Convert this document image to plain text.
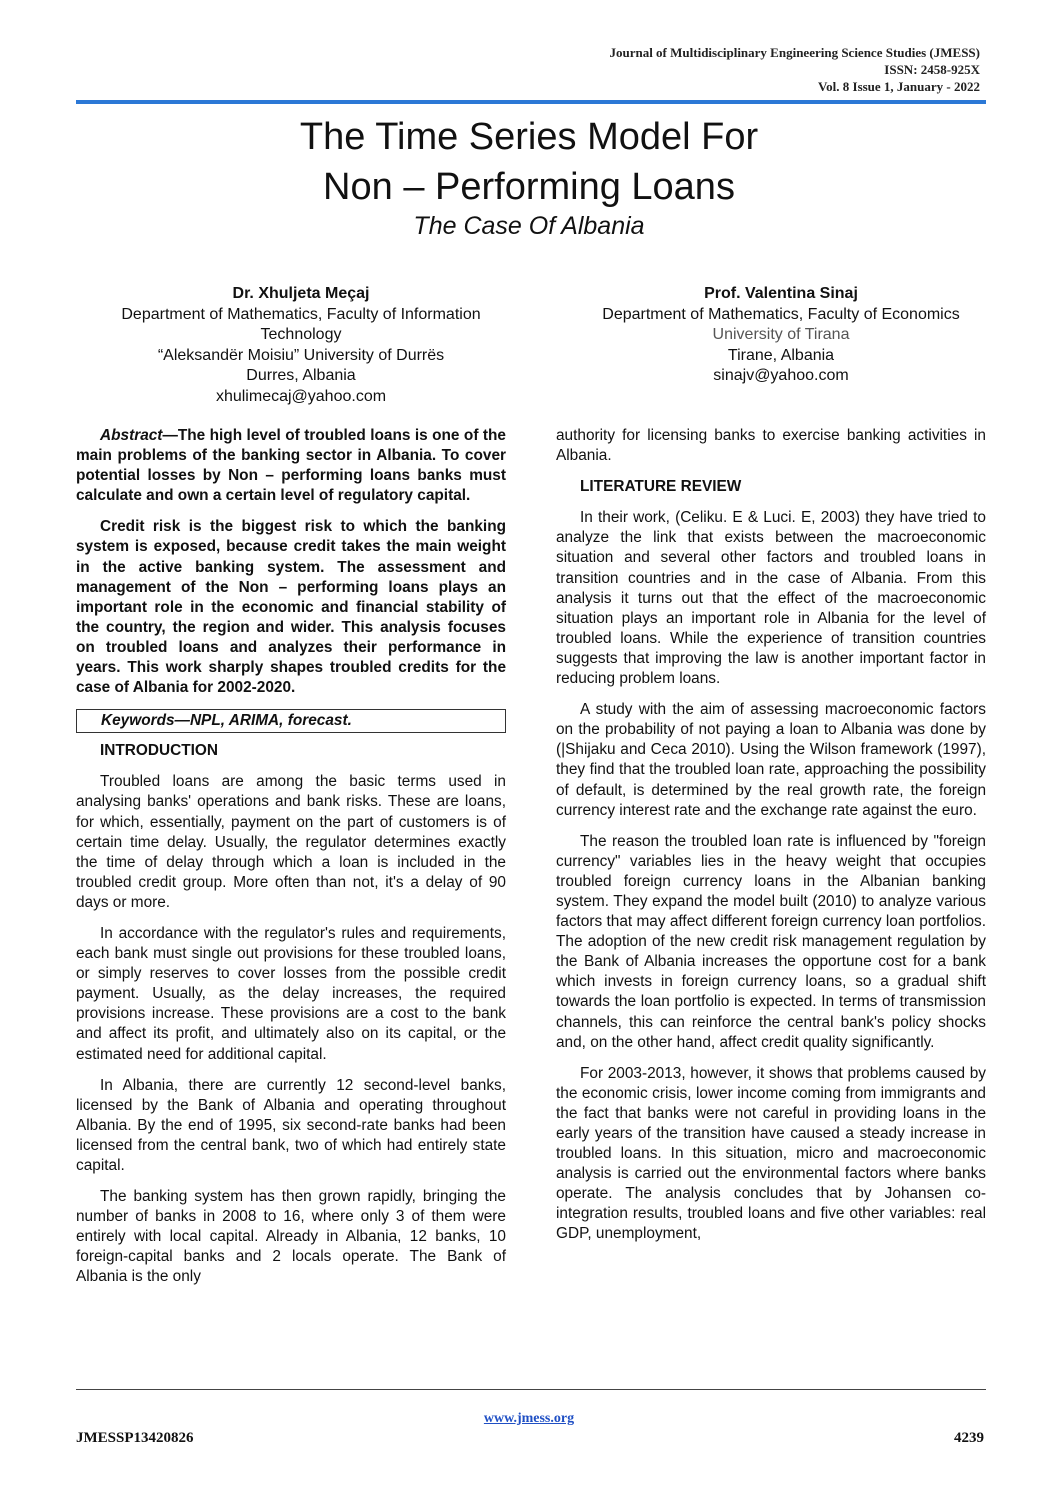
Journal of Multidisciplinary Engineering Science Studies (JMESS)
ISSN: 2458-925X
Vol. 8 Issue 1, January - 2022
The Time Series Model For
Non – Performing Loans
The Case Of Albania
Dr. Xhuljeta Meçaj
Department of Mathematics, Faculty of Information
Technology
“Aleksandër Moisiu” University of Durrës
Durres, Albania
xhulimecaj@yahoo.com
Prof. Valentina Sinaj
Department of Mathematics, Faculty of Economics
University of Tirana
Tirane, Albania
sinajv@yahoo.com

Abstract—The high level of troubled loans is one of the main problems of the banking sector in Albania. To cover potential losses by Non – performing loans banks must calculate and own a certain level of regulatory capital.

Credit risk is the biggest risk to which the banking system is exposed, because credit takes the main weight in the active banking system. The assessment and management of the Non – performing loans plays an important role in the economic and financial stability of the country, the region and wider. This analysis focuses on troubled loans and analyzes their performance in years. This work sharply shapes troubled credits for the case of Albania for 2002-2020.

Keywords—NPL, ARIMA, forecast.
INTRODUCTION

Troubled loans are among the basic terms used in analysing banks' operations and bank risks. These are loans, for which, essentially, payment on the part of customers is of certain time delay. Usually, the regulator determines exactly the time of delay through which a loan is included in the troubled credit group. More often than not, it's a delay of 90 days or more.

In accordance with the regulator's rules and requirements, each bank must single out provisions for these troubled loans, or simply reserves to cover losses from the possible credit payment. Usually, as the delay increases, the required provisions increase. These provisions are a cost to the bank and affect its profit, and ultimately also on its capital, or the estimated need for additional capital.

In Albania, there are currently 12 second-level banks, licensed by the Bank of Albania and operating throughout Albania. By the end of 1995, six second-rate banks had been licensed from the central bank, two of which had entirely state capital.

The banking system has then grown rapidly, bringing the number of banks in 2008 to 16, where only 3 of them were entirely with local capital. Already in Albania, 12 banks, 10 foreign-capital banks and 2 locals operate. The Bank of Albania is the only

authority for licensing banks to exercise banking activities in Albania.

LITERATURE REVIEW

In their work, (Celiku. E & Luci. E, 2003) they have tried to analyze the link that exists between the macroeconomic situation and several other factors and troubled loans in transition countries and in the case of Albania. From this analysis it turns out that the effect of the macroeconomic situation plays an important role in Albania for the level of troubled loans. While the experience of transition countries suggests that improving the law is another important factor in reducing problem loans.

A study with the aim of assessing macroeconomic factors on the probability of not paying a loan to Albania was done by (|Shijaku and Ceca 2010). Using the Wilson framework (1997), they find that the troubled loan rate, approaching the possibility of default, is determined by the real growth rate, the foreign currency interest rate and the exchange rate against the euro.

The reason the troubled loan rate is influenced by "foreign currency" variables lies in the heavy weight that occupies troubled foreign currency loans in the Albanian banking system. They expand the model built (2010) to analyze various factors that may affect different foreign currency loan portfolios. The adoption of the new credit risk management regulation by the Bank of Albania increases the opportune cost for a bank which invests in foreign currency loans, so a gradual shift towards the loan portfolio is expected. In terms of transmission channels, this can reinforce the central bank's policy shocks and, on the other hand, affect credit quality significantly.

For 2003-2013, however, it shows that problems caused by the economic crisis, lower income coming from immigrants and the fact that banks were not careful in providing loans in the early years of the transition have caused a steady increase in troubled loans. In this situation, micro and macroeconomic analysis is carried out the environmental factors where banks operate. The analysis concludes that by Johansen co-integration results, troubled loans and five other variables: real GDP, unemployment,

www.jmess.org
JMESSP13420826	4239
